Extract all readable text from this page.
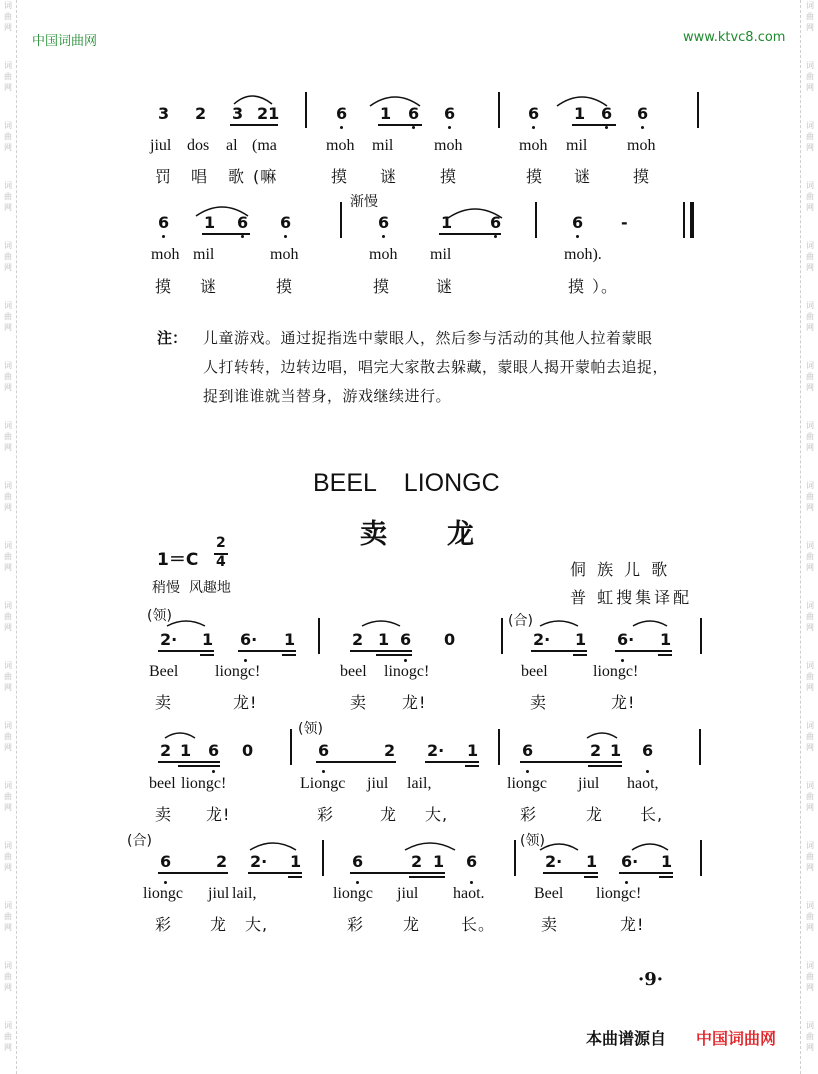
词
曲
网
词
曲
网
词
曲
网
词
曲
网
词
曲
网
词
曲
网
词
曲
网
词
曲
网
词
曲
网
词
曲
网
词
曲
网
词
曲
网
词
曲
网
词
曲
网
词
曲
网
词
曲
网
词
曲
网
词
曲
网
词
曲
网
词
曲
网
词
曲
网
词
曲
网
词
曲
网
词
曲
网
词
曲
网
词
曲
网
词
曲
网
词
曲
网
词
曲
网
词
曲
网
词
曲
网
词
曲
网
词
曲
网
词
曲
网
词
曲
网
词
曲
网
中国词曲网	www.ktvc8.com
3 2 3 21	6 1 6 6	6 1 6 6
jiul dos al (ma	moh mil	moh	moh mil moh
罚 唱 歌 (嘛	摸 谜	摸	摸 谜	摸
渐慢
6 1 6 6	6	1 6	6 -
moh mil	moh	moh mil	moh).
摸 谜	摸	摸	谜	摸 ）。
注： 儿童游戏。通过捉指选中蒙眼人，然后参与活动的其他人拉着蒙眼
人打转转，边转边唱，唱完大家散去躲藏，蒙眼人揭开蒙帕去追捉，
捉到谁谁就当替身，游戏继续进行。
BEEL    LIONGC
卖龙
1＝C
2
4
稍慢  风趣地
侗 族 儿 歌
普 虹搜集译配
(领)	(合)
2· 1 6· 1	2 1 6 0	2· 1 6· 1
Beel liongc!	beel linogc!	beel	liongc!
卖	龙!	卖 龙!	卖	龙!
(领)
2 1 6 0	6	2 2· 1	6	2 1 6
beel liongc!	Liongc jiul lail,	liongc jiul haot,
卖 龙!	彩	龙 大,	彩	龙 长,
(合)	(领)
6	2 2· 1	6	2 1 6	2· 1 6· 1
liongc jiul lail,	liongc jiul haot.	Beel liongc!
彩 龙 大,	彩 龙	长。	卖	龙!
·9·
本曲谱源自 中国词曲网
